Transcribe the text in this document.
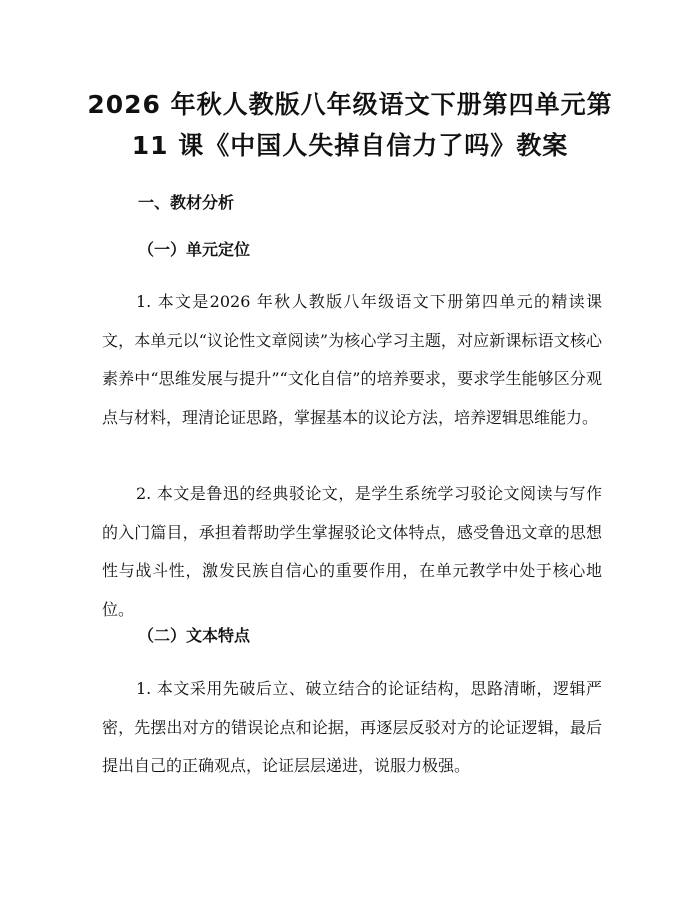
2026 年秋人教版八年级语文下册第四单元第
11 课《中国人失掉自信力了吗》教案
一、教材分析
（一）单元定位

1. 本文是2026 年秋人教版八年级语文下册第四单元的精读课文，本单元以“议论性文章阅读”为核心学习主题，对应新课标语文核心素养中“思维发展与提升”“文化自信”的培养要求，要求学生能够区分观点与材料，理清论证思路，掌握基本的议论方法，培养逻辑思维能力。

2. 本文是鲁迅的经典驳论文，是学生系统学习驳论文阅读与写作的入门篇目，承担着帮助学生掌握驳论文体特点，感受鲁迅文章的思想性与战斗性，激发民族自信心的重要作用，在单元教学中处于核心地位。

（二）文本特点

1. 本文采用先破后立、破立结合的论证结构，思路清晰，逻辑严密，先摆出对方的错误论点和论据，再逐层反驳对方的论证逻辑，最后提出自己的正确观点，论证层层递进，说服力极强。
